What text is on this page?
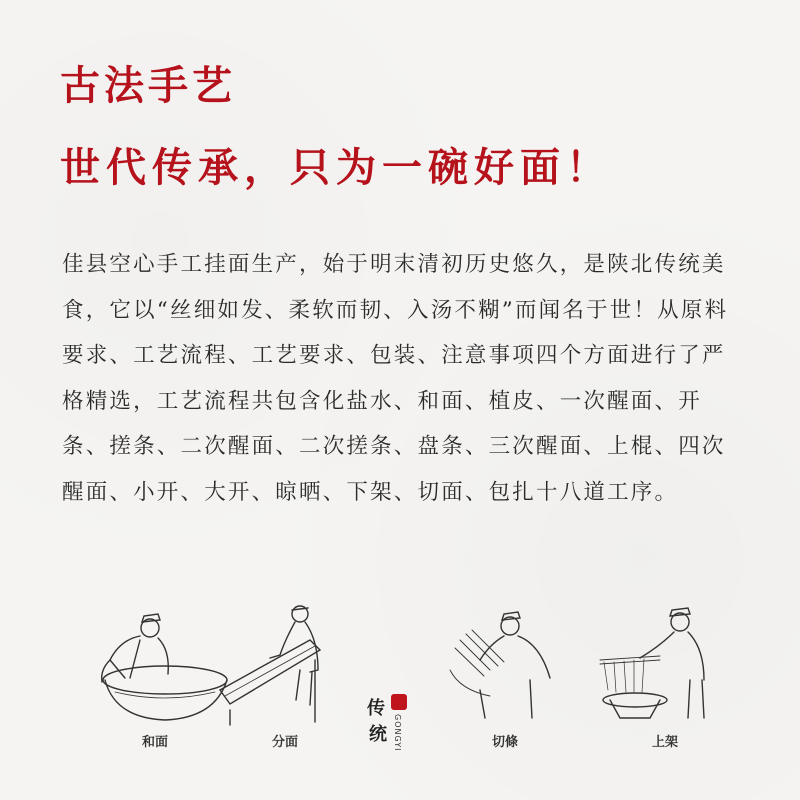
古法手艺
世代传承，只为一碗好面！

佳县空心手工挂面生产，始于明末清初历史悠久，是陕北传统美食，它以“丝细如发、柔软而韧、入汤不糊”而闻名于世！从原料要求、工艺流程、工艺要求、包装、注意事项四个方面进行了严格精选，工艺流程共包含化盐水、和面、植皮、一次醒面、开条、搓条、二次醒面、二次搓条、盘条、三次醒面、上棍、四次醒面、小开、大开、晾晒、下架、切面、包扎十八道工序。

和面	分面	切條	上架
传
统 GONGYI
